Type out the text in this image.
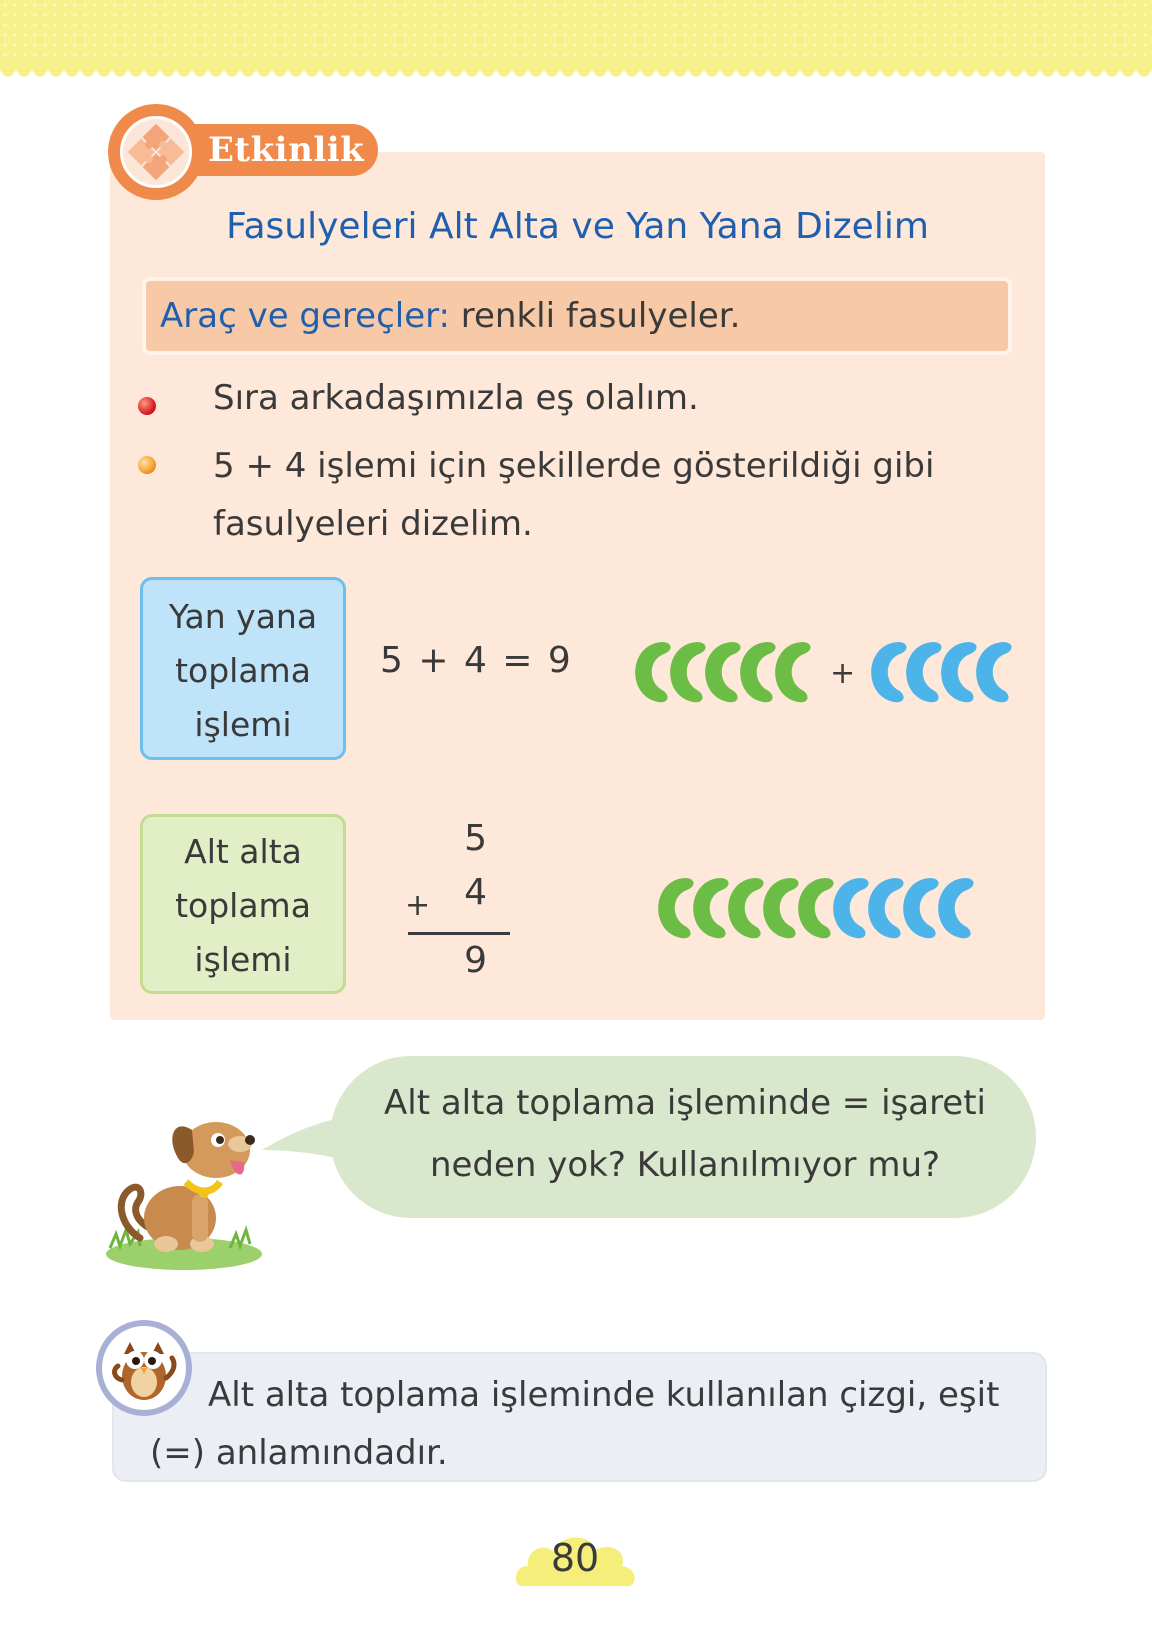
Etkinlik
Fasulyeleri Alt Alta ve Yan Yana Dizelim
Araç ve gereçler: renkli fasulyeler.
Sıra arkadaşımızla eş olalım.
5 + 4 işlemi için şekillerde gösterildiği gibi fasulyeleri dizelim.
Yan yana
toplama
işlemi
5 + 4 = 9	+
Alt alta
toplama
işlemi
5
+ 4
9
Alt alta toplama işleminde = işareti
neden yok? Kullanılmıyor mu?
Alt alta toplama işleminde kullanılan çizgi, eşit (=) anlamındadır.
80
